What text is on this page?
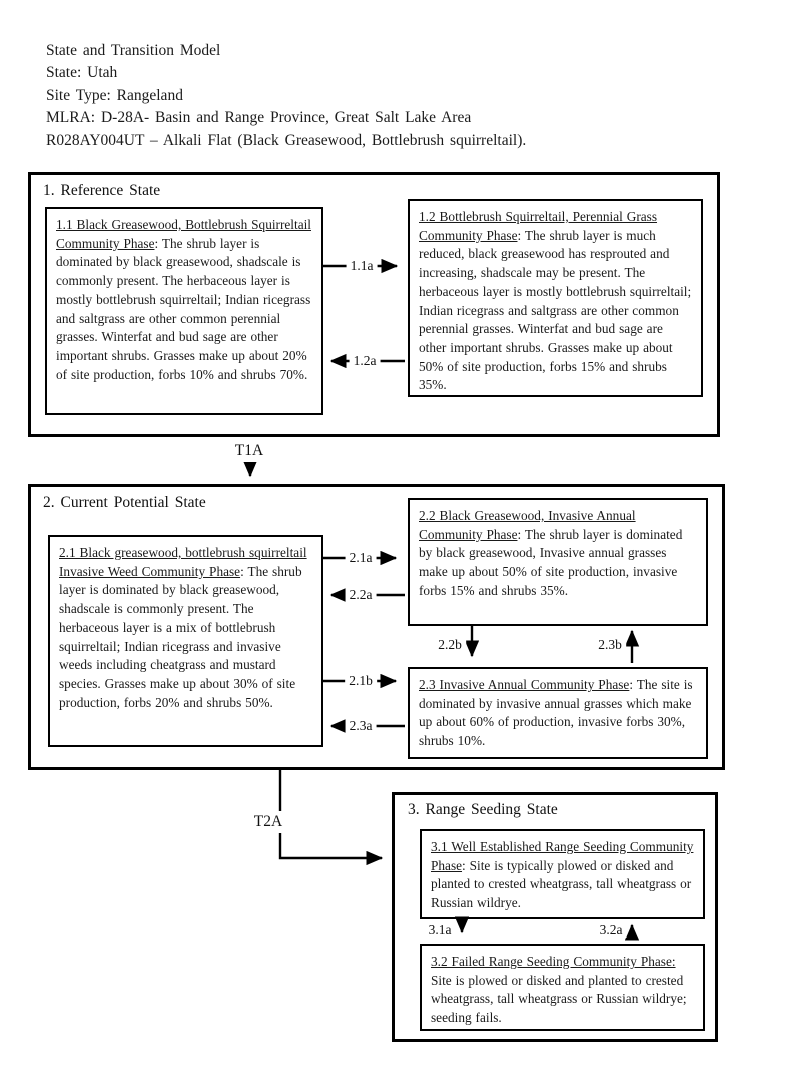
State and Transition Model
State: Utah
Site Type: Rangeland
MLRA: D-28A- Basin and Range Province, Great Salt Lake Area
R028AY004UT – Alkali Flat (Black Greasewood, Bottlebrush squirreltail).
1. Reference State
1.1 Black Greasewood, Bottlebrush Squirreltail Community Phase: The shrub layer is dominated by black greasewood, shadscale is commonly present. The herbaceous layer is mostly bottlebrush squirreltail; Indian ricegrass and saltgrass are other common perennial grasses. Winterfat and bud sage are other important shrubs. Grasses make up about 20% of site production, forbs 10% and shrubs 70%.
1.2 Bottlebrush Squirreltail, Perennial Grass Community Phase: The shrub layer is much reduced, black greasewood has resprouted and increasing, shadscale may be present. The herbaceous layer is mostly bottlebrush squirreltail; Indian ricegrass and saltgrass are other common perennial grasses. Winterfat and bud sage are other important shrubs. Grasses make up about 50% of site production, forbs 15% and shrubs 35%.
2. Current Potential State
2.1 Black greasewood, bottlebrush squirreltail Invasive Weed Community Phase: The shrub layer is dominated by black greasewood, shadscale is commonly present. The herbaceous layer is a mix of bottlebrush squirreltail; Indian ricegrass and invasive weeds including cheatgrass and mustard species. Grasses make up about 30% of site production, forbs 20% and shrubs 50%.
2.2 Black Greasewood, Invasive Annual Community Phase: The shrub layer is dominated by black greasewood, Invasive annual grasses make up about 50% of site production, invasive forbs 15% and shrubs 35%.
2.3 Invasive Annual Community Phase: The site is dominated by invasive annual grasses which make up about 60% of production, invasive forbs 30%, shrubs 10%.
3. Range Seeding State
3.1 Well Established Range Seeding Community Phase: Site is typically plowed or disked and planted to crested wheatgrass, tall wheatgrass or Russian wildrye.
3.2 Failed Range Seeding Community Phase: Site is plowed or disked and planted to crested wheatgrass, tall wheatgrass or Russian wildrye; seeding fails.
1.1a
1.2a
T1A
2.1a
2.2a
2.1b
2.3a
2.2b	2.3b
T2A
3.1a	3.2a
